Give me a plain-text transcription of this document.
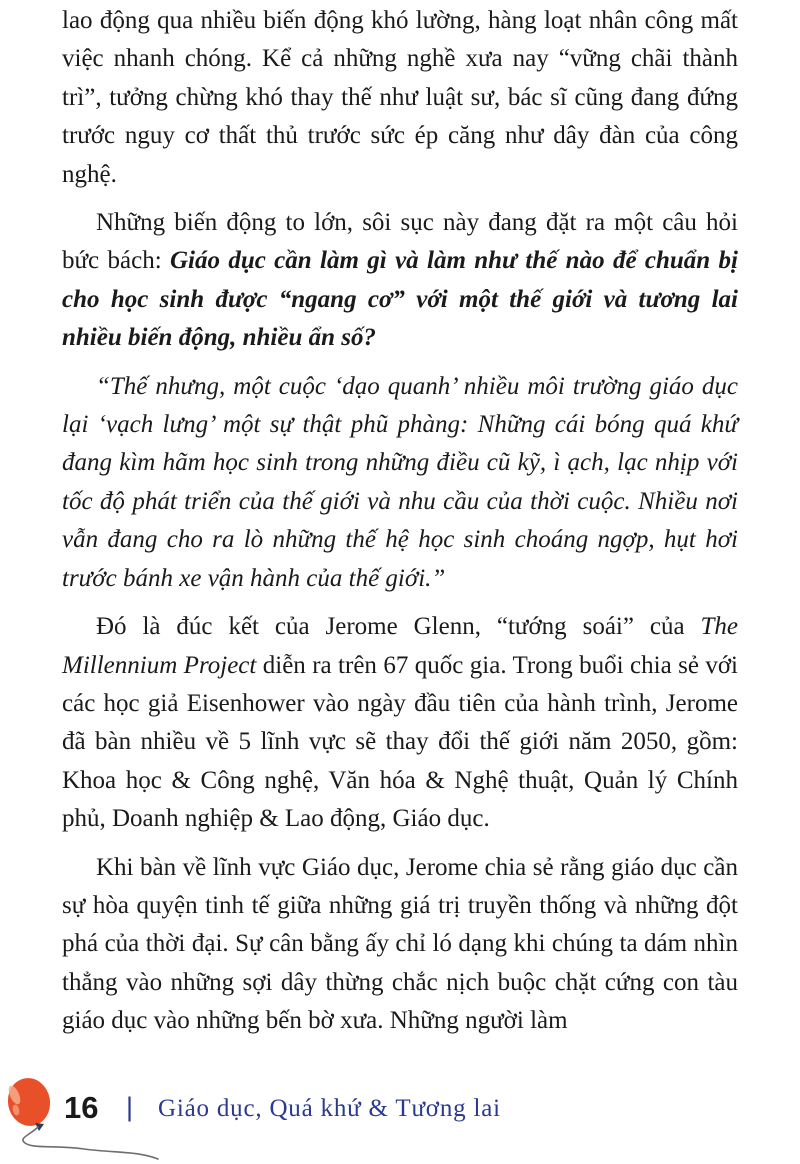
lao động qua nhiều biến động khó lường, hàng loạt nhân công mất việc nhanh chóng. Kể cả những nghề xưa nay “vững chãi thành trì”, tưởng chừng khó thay thế như luật sư, bác sĩ cũng đang đứng trước nguy cơ thất thủ trước sức ép căng như dây đàn của công nghệ.

Những biến động to lớn, sôi sục này đang đặt ra một câu hỏi bức bách: Giáo dục cần làm gì và làm như thế nào để chuẩn bị cho học sinh được “ngang cơ” với một thế giới và tương lai nhiều biến động, nhiều ẩn số?

“Thế nhưng, một cuộc ‘dạo quanh’ nhiều môi trường giáo dục lại ‘vạch lưng’ một sự thật phũ phàng: Những cái bóng quá khứ đang kìm hãm học sinh trong những điều cũ kỹ, ì ạch, lạc nhịp với tốc độ phát triển của thế giới và nhu cầu của thời cuộc. Nhiều nơi vẫn đang cho ra lò những thế hệ học sinh choáng ngợp, hụt hơi trước bánh xe vận hành của thế giới.”

Đó là đúc kết của Jerome Glenn, “tướng soái” của The Millennium Project diễn ra trên 67 quốc gia. Trong buổi chia sẻ với các học giả Eisenhower vào ngày đầu tiên của hành trình, Jerome đã bàn nhiều về 5 lĩnh vực sẽ thay đổi thế giới năm 2050, gồm: Khoa học & Công nghệ, Văn hóa & Nghệ thuật, Quản lý Chính phủ, Doanh nghiệp & Lao động, Giáo dục.

Khi bàn về lĩnh vực Giáo dục, Jerome chia sẻ rằng giáo dục cần sự hòa quyện tinh tế giữa những giá trị truyền thống và những đột phá của thời đại. Sự cân bằng ấy chỉ ló dạng khi chúng ta dám nhìn thẳng vào những sợi dây thừng chắc nịch buộc chặt cứng con tàu giáo dục vào những bến bờ xưa. Những người làm

16 | Giáo dục, Quá khứ & Tương lai
